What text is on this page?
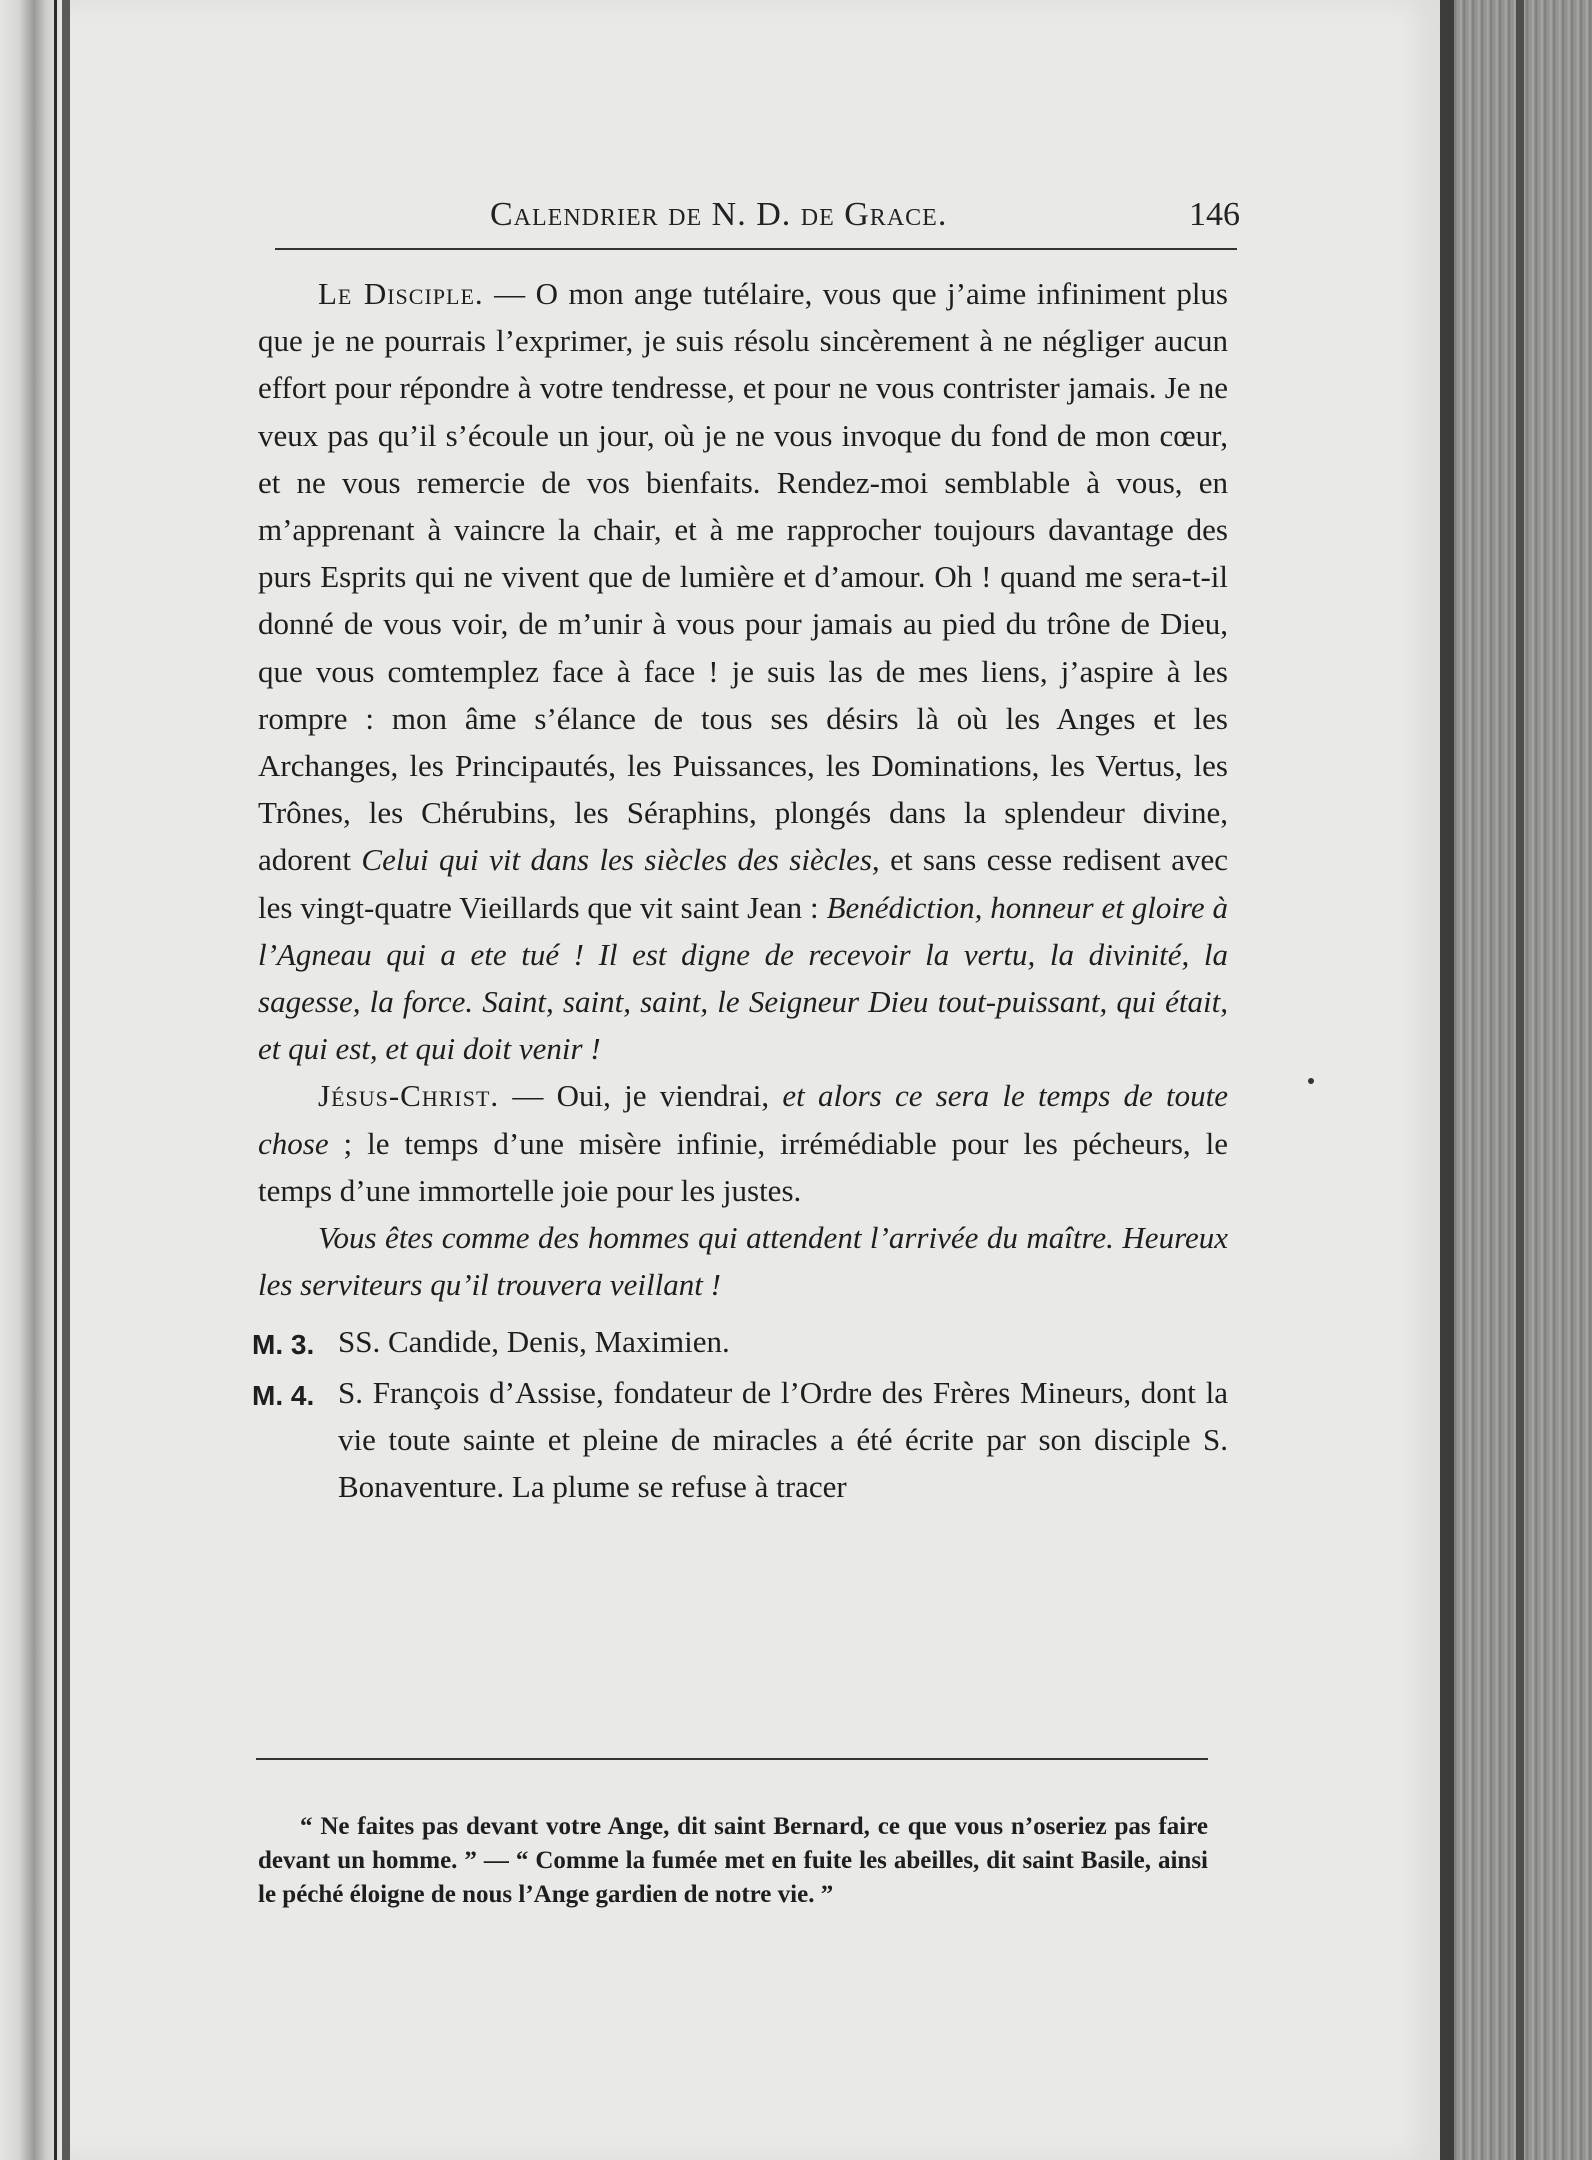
Calendrier de N. D. de Grace.	146

Le Disciple. — O mon ange tutélaire, vous que j’aime infiniment plus que je ne pourrais l’exprimer, je suis résolu sincèrement à ne négliger aucun effort pour répondre à votre tendresse, et pour ne vous contrister jamais. Je ne veux pas qu’il s’écoule un jour, où je ne vous invoque du fond de mon cœur, et ne vous remercie de vos bienfaits. Rendez-moi semblable à vous, en m’apprenant à vaincre la chair, et à me rapprocher toujours davantage des purs Esprits qui ne vivent que de lumière et d’amour. Oh ! quand me sera-t-il donné de vous voir, de m’unir à vous pour jamais au pied du trône de Dieu, que vous comtemplez face à face ! je suis las de mes liens, j’aspire à les rompre : mon âme s’élance de tous ses désirs là où les Anges et les Archanges, les Principautés, les Puissances, les Dominations, les Vertus, les Trônes, les Chérubins, les Séraphins, plongés dans la splendeur divine, adorent Celui qui vit dans les siècles des siècles, et sans cesse redisent avec les vingt-quatre Vieillards que vit saint Jean : Benédiction, honneur et gloire à l’Agneau qui a ete tué ! Il est digne de recevoir la vertu, la divinité, la sagesse, la force. Saint, saint, saint, le Seigneur Dieu tout-puissant, qui était, et qui est, et qui doit venir !

Jésus-Christ. — Oui, je viendrai, et alors ce sera le temps de toute chose ; le temps d’une misère infinie, irrémédiable pour les pécheurs, le temps d’une immortelle joie pour les justes.

Vous êtes comme des hommes qui attendent l’arrivée du maître. Heureux les serviteurs qu’il trouvera veillant !

M. 3. SS. Candide, Denis, Maximien.
M. 4. S. François d’Assise, fondateur de l’Ordre des Frères Mineurs, dont la vie toute sainte et pleine de miracles a été écrite par son disciple S. Bonaventure. La plume se refuse à tracer
“ Ne faites pas devant votre Ange, dit saint Bernard, ce que vous n’oseriez pas faire devant un homme. ” — “ Comme la fumée met en fuite les abeilles, dit saint Basile, ainsi le péché éloigne de nous l’Ange gardien de notre vie. ”
